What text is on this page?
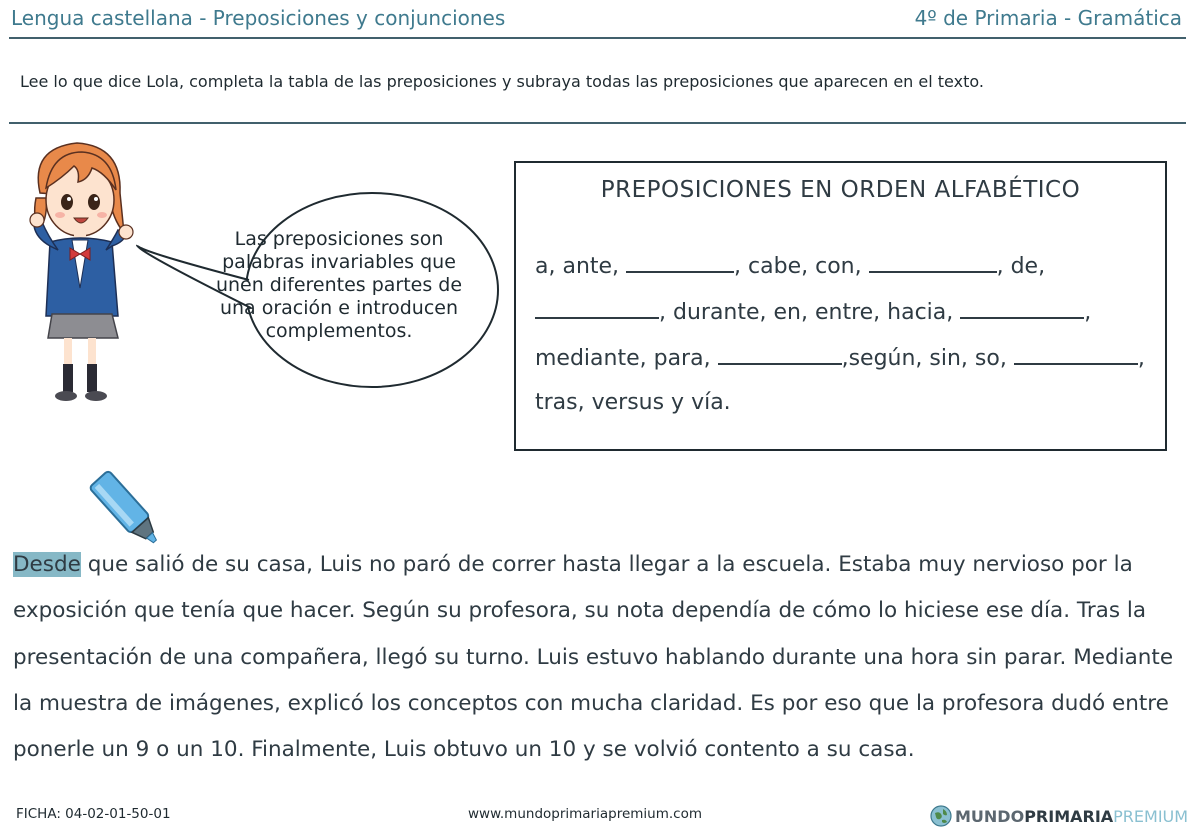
Lengua castellana - Preposiciones y conjunciones	4º de Primaria - Gramática
Lee lo que dice Lola, completa la tabla de las preposiciones y subraya todas las preposiciones que aparecen en el texto.
Las preposiciones son palabras invariables que unen diferentes partes de una oración e introducen complementos.
PREPOSICIONES EN ORDEN ALFABÉTICO
a, ante,	, cabe, con,	, de,
, durante, en, entre, hacia,	,
mediante, para,	,según, sin, so,	,
tras, versus y vía.
Desde que salió de su casa, Luis no paró de correr hasta llegar a la escuela. Estaba muy nervioso por la exposición que tenía que hacer. Según su profesora, su nota dependía de cómo lo hiciese ese día. Tras la presentación de una compañera, llegó su turno. Luis estuvo hablando durante una hora sin parar. Mediante la muestra de imágenes, explicó los conceptos con mucha claridad. Es por eso que la profesora dudó entre ponerle un 9 o un 10. Finalmente, Luis obtuvo un 10 y se volvió contento a su casa.
FICHA: 04-02-01-50-01	www.mundoprimariapremium.com	MUNDO PRIMARIA PREMIUM
